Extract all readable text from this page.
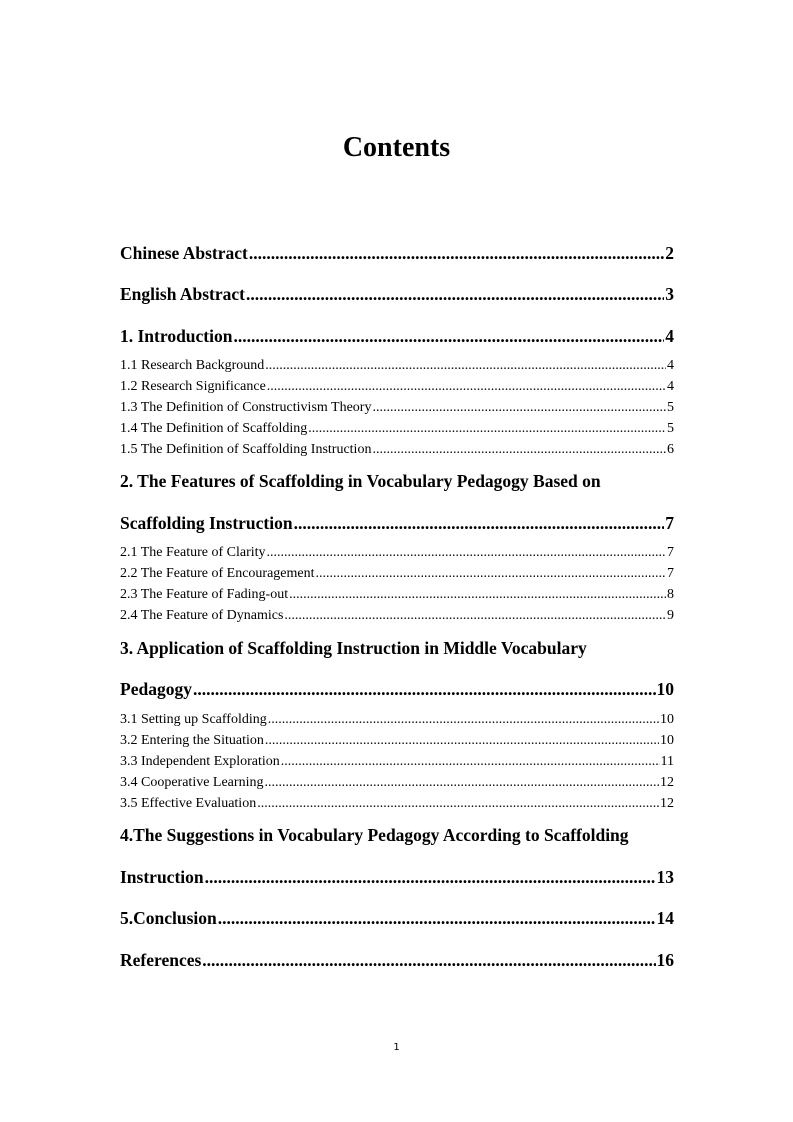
Contents
Chinese Abstract .....	2
English Abstract .....	3
1. Introduction .....	4
1.1 Research Background .....	4
1.2 Research Significance .....	4
1.3 The Definition of Constructivism Theory .....	5
1.4 The Definition of Scaffolding .....	5
1.5 The Definition of Scaffolding Instruction .....	6
2. The Features of Scaffolding in Vocabulary Pedagogy Based on
Scaffolding Instruction .....	7
2.1 The Feature of Clarity .....	7
2.2 The Feature of Encouragement .....	7
2.3 The Feature of Fading-out .....	8
2.4 The Feature of Dynamics .....	9
3. Application of Scaffolding Instruction in Middle Vocabulary
Pedagogy .....	10
3.1 Setting up Scaffolding .....	10
3.2 Entering the Situation .....	10
3.3 Independent Exploration .....	11
3.4 Cooperative Learning .....	12
3.5 Effective Evaluation .....	12
4.The Suggestions in Vocabulary Pedagogy According to Scaffolding
Instruction .....	13
5.Conclusion .....	14
References .....	16
1
